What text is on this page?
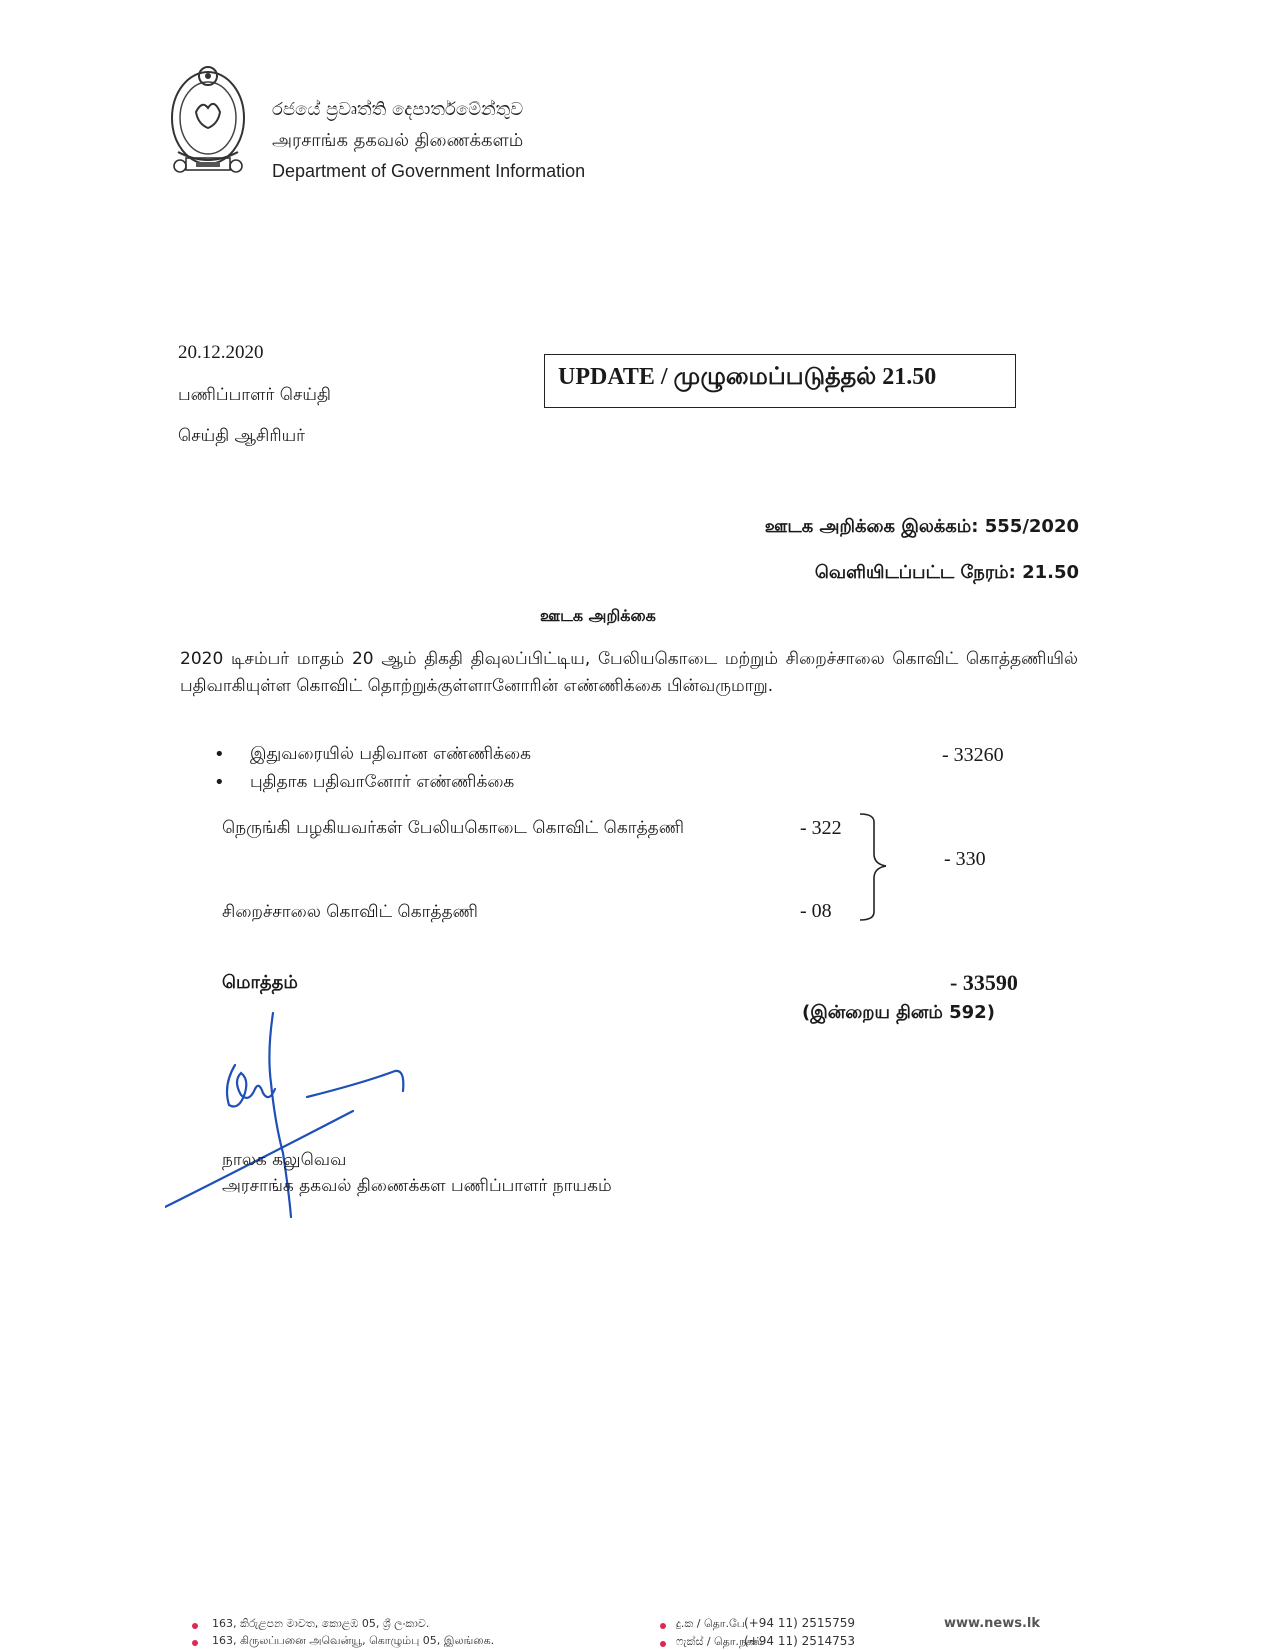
රජයේ ප්‍රවෘත්ති දෙපාර්තමේන්තුව
அரசாங்க தகவல் திணைக்களம்
Department of Government Information
20.12.2020
பணிப்பாளர் செய்தி
செய்தி ஆசிரியர்
UPDATE / முழுமைப்படுத்தல் 21.50
ஊடக அறிக்கை இலக்கம்: 555/2020
வெளியிடப்பட்ட நேரம்: 21.50
ஊடக அறிக்கை
2020 டிசம்பர் மாதம் 20 ஆம் திகதி திவுலப்பிட்டிய, பேலியகொடை மற்றும் சிறைச்சாலை கொவிட் கொத்தணியில் பதிவாகியுள்ள கொவிட் தொற்றுக்குள்ளானோரின் எண்ணிக்கை பின்வருமாறு.
• இதுவரையில் பதிவான எண்ணிக்கை	- 33260
• புதிதாக பதிவானோர் எண்ணிக்கை
நெருங்கி பழகியவர்கள் பேலியகொடை கொவிட் கொத்தணி	- 322
சிறைச்சாலை கொவிட் கொத்தணி	- 08
- 330
மொத்தம்	- 33590
(இன்றைய தினம் 592)
நாலக கலுவெவ
அரசாங்க தகவல் திணைக்கள பணிப்பாளர் நாயகம்
163, කිරුළපන මාවත, කොළඹ 05, ශ්‍රී ලංකාව.
163, கிருலப்பனை அவென்யூ, கொழும்பு 05, இலங்கை.
දු.ක / தொ.பே (+94 11) 2515759
ෆැක්ස් / தொ.நகல்
(+94 11) 2514753
www.news.lk
